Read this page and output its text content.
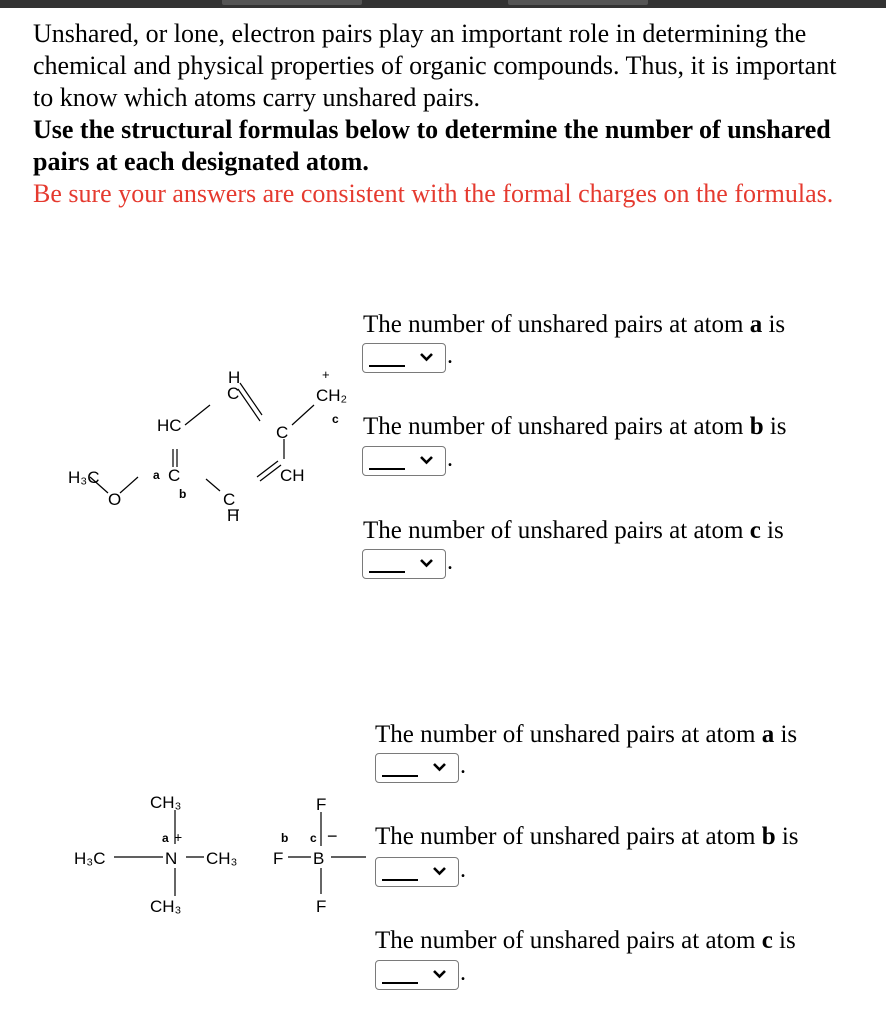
Unshared, or lone, electron pairs play an important role in determining the chemical and physical properties of organic compounds. Thus, it is important to know which atoms carry unshared pairs.

Use the structural formulas below to determine the number of unshared pairs at each designated atom.

Be sure your answers are consistent with the formal charges on the formulas.

H₃C
O
a
HC
C
b C
H
H
C
C
CH
+
CH₂
c
The number of unshared pairs at atom a is
.
The number of unshared pairs at atom b is
.
The number of unshared pairs at atom c is
.
CH₃
a +
H₃C	N CH₃
CH₃
F
b c −
F B
F
The number of unshared pairs at atom a is
.
The number of unshared pairs at atom b is
.
The number of unshared pairs at atom c is
.
